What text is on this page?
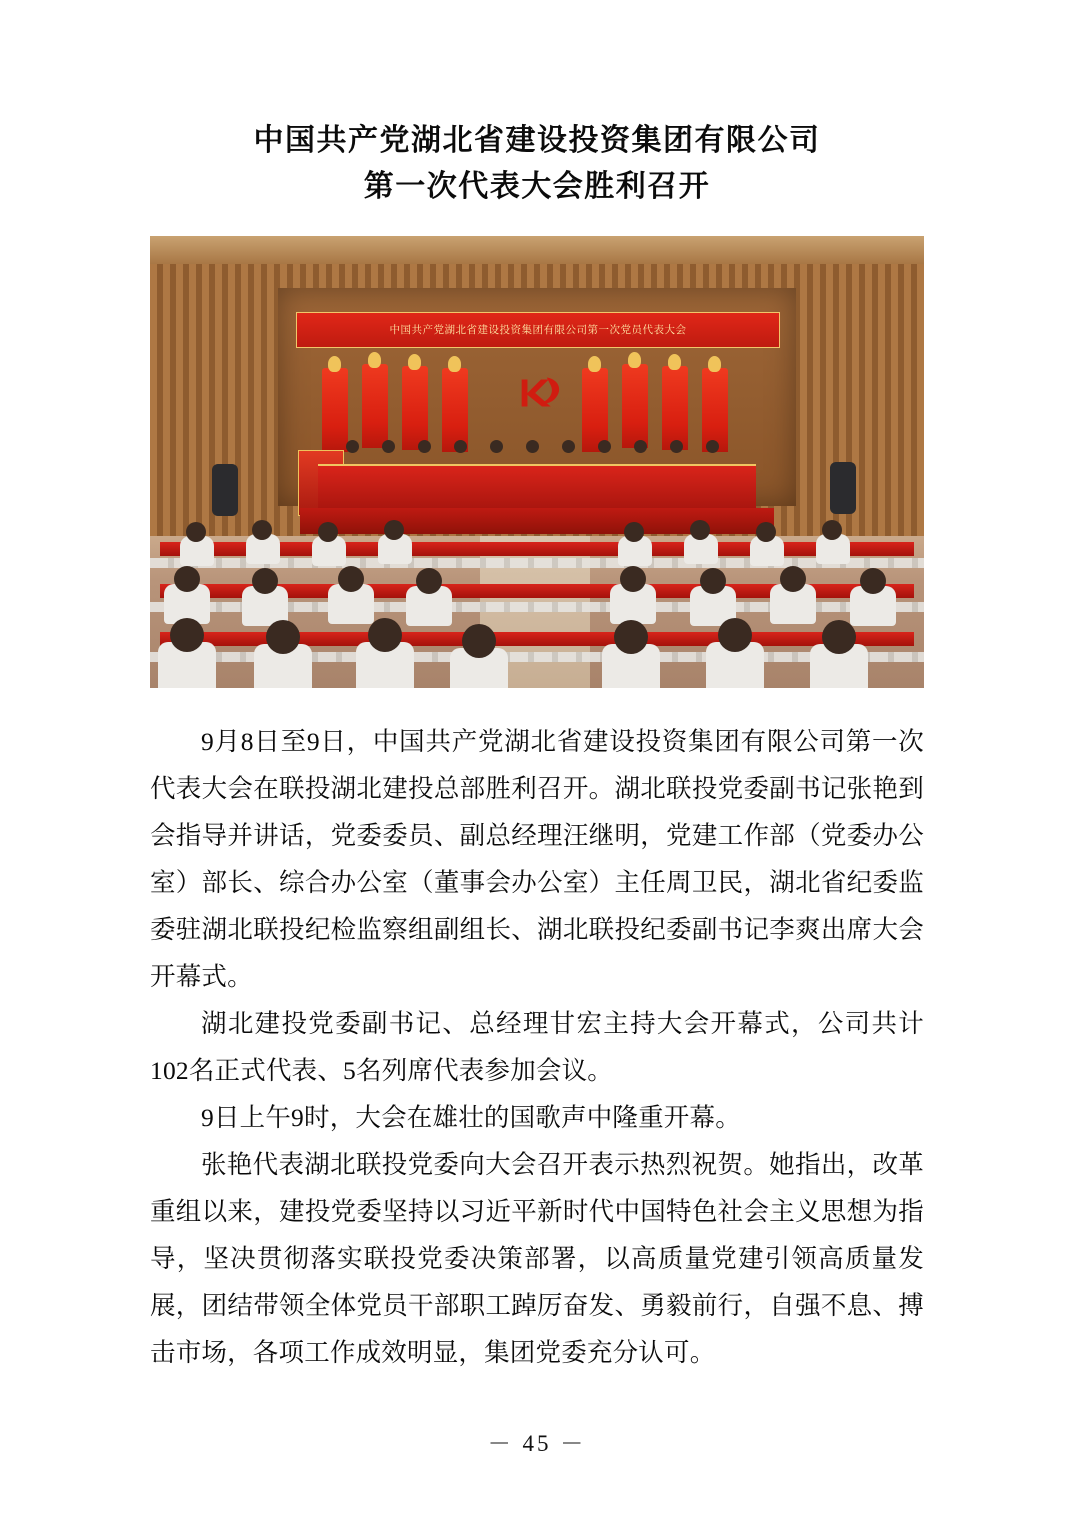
中国共产党湖北省建设投资集团有限公司
第一次代表大会胜利召开
中国共产党湖北省建设投资集团有限公司第一次党员代表大会

9月8日至9日，中国共产党湖北省建设投资集团有限公司第一次代表大会在联投湖北建投总部胜利召开。湖北联投党委副书记张艳到会指导并讲话，党委委员、副总经理汪继明，党建工作部（党委办公室）部长、综合办公室（董事会办公室）主任周卫民，湖北省纪委监委驻湖北联投纪检监察组副组长、湖北联投纪委副书记李爽出席大会开幕式。

湖北建投党委副书记、总经理甘宏主持大会开幕式，公司共计102名正式代表、5名列席代表参加会议。

9日上午9时，大会在雄壮的国歌声中隆重开幕。

张艳代表湖北联投党委向大会召开表示热烈祝贺。她指出，改革重组以来，建投党委坚持以习近平新时代中国特色社会主义思想为指导，坚决贯彻落实联投党委决策部署，以高质量党建引领高质量发展，团结带领全体党员干部职工踔厉奋发、勇毅前行，自强不息、搏击市场，各项工作成效明显，集团党委充分认可。

－ 45 －
